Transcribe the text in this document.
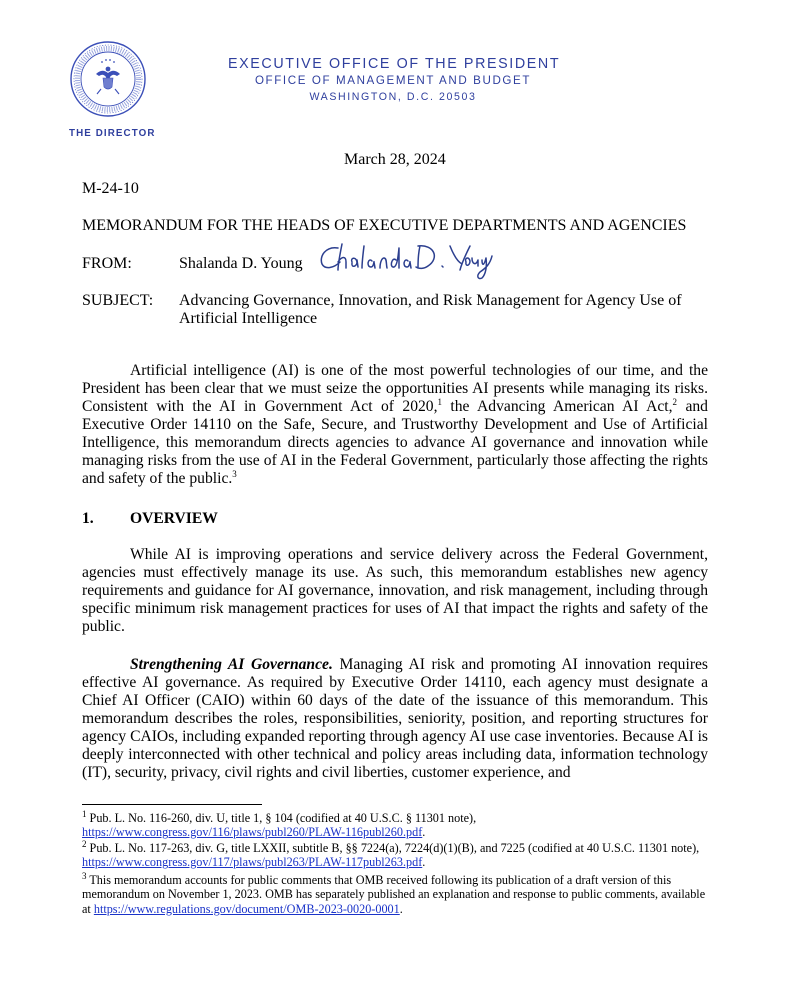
EXECUTIVE OFFICE OF THE PRESIDENT
OFFICE OF MANAGEMENT AND BUDGET
WASHINGTON, D.C. 20503
THE DIRECTOR
March 28, 2024
M-24-10
MEMORANDUM FOR THE HEADS OF EXECUTIVE DEPARTMENTS AND AGENCIES
FROM:	Shalanda D. Young
SUBJECT: Advancing Governance, Innovation, and Risk Management for Agency Use of
Artificial Intelligence
Artificial intelligence (AI) is one of the most powerful technologies of our time, and the President has been clear that we must seize the opportunities AI presents while managing its risks. Consistent with the AI in Government Act of 2020,$^1$ the Advancing American AI Act,$^2$ and Executive Order 14110 on the Safe, Secure, and Trustworthy Development and Use of Artificial Intelligence, this memorandum directs agencies to advance AI governance and innovation while managing risks from the use of AI in the Federal Government, particularly those affecting the rights and safety of the public.$^3$
1. OVERVIEW
While AI is improving operations and service delivery across the Federal Government, agencies must effectively manage its use. As such, this memorandum establishes new agency requirements and guidance for AI governance, innovation, and risk management, including through specific minimum risk management practices for uses of AI that impact the rights and safety of the public.
Strengthening AI Governance. Managing AI risk and promoting AI innovation requires effective AI governance. As required by Executive Order 14110, each agency must designate a Chief AI Officer (CAIO) within 60 days of the date of the issuance of this memorandum. This memorandum describes the roles, responsibilities, seniority, position, and reporting structures for agency CAIOs, including expanded reporting through agency AI use case inventories. Because AI is deeply interconnected with other technical and policy areas including data, information technology (IT), security, privacy, civil rights and civil liberties, customer experience, and
$^1$ Pub. L. No. 116-260, div. U, title 1, § 104 (codified at 40 U.S.C. § 11301 note), https://www.congress.gov/116/plaws/publ260/PLAW-116publ260.pdf.
$^2$ Pub. L. No. 117-263, div. G, title LXXII, subtitle B, §§ 7224(a), 7224(d)(1)(B), and 7225 (codified at 40 U.S.C. 11301 note), https://www.congress.gov/117/plaws/publ263/PLAW-117publ263.pdf.
$^3$ This memorandum accounts for public comments that OMB received following its publication of a draft version of this memorandum on November 1, 2023. OMB has separately published an explanation and response to public comments, available at https://www.regulations.gov/document/OMB-2023-0020-0001.
